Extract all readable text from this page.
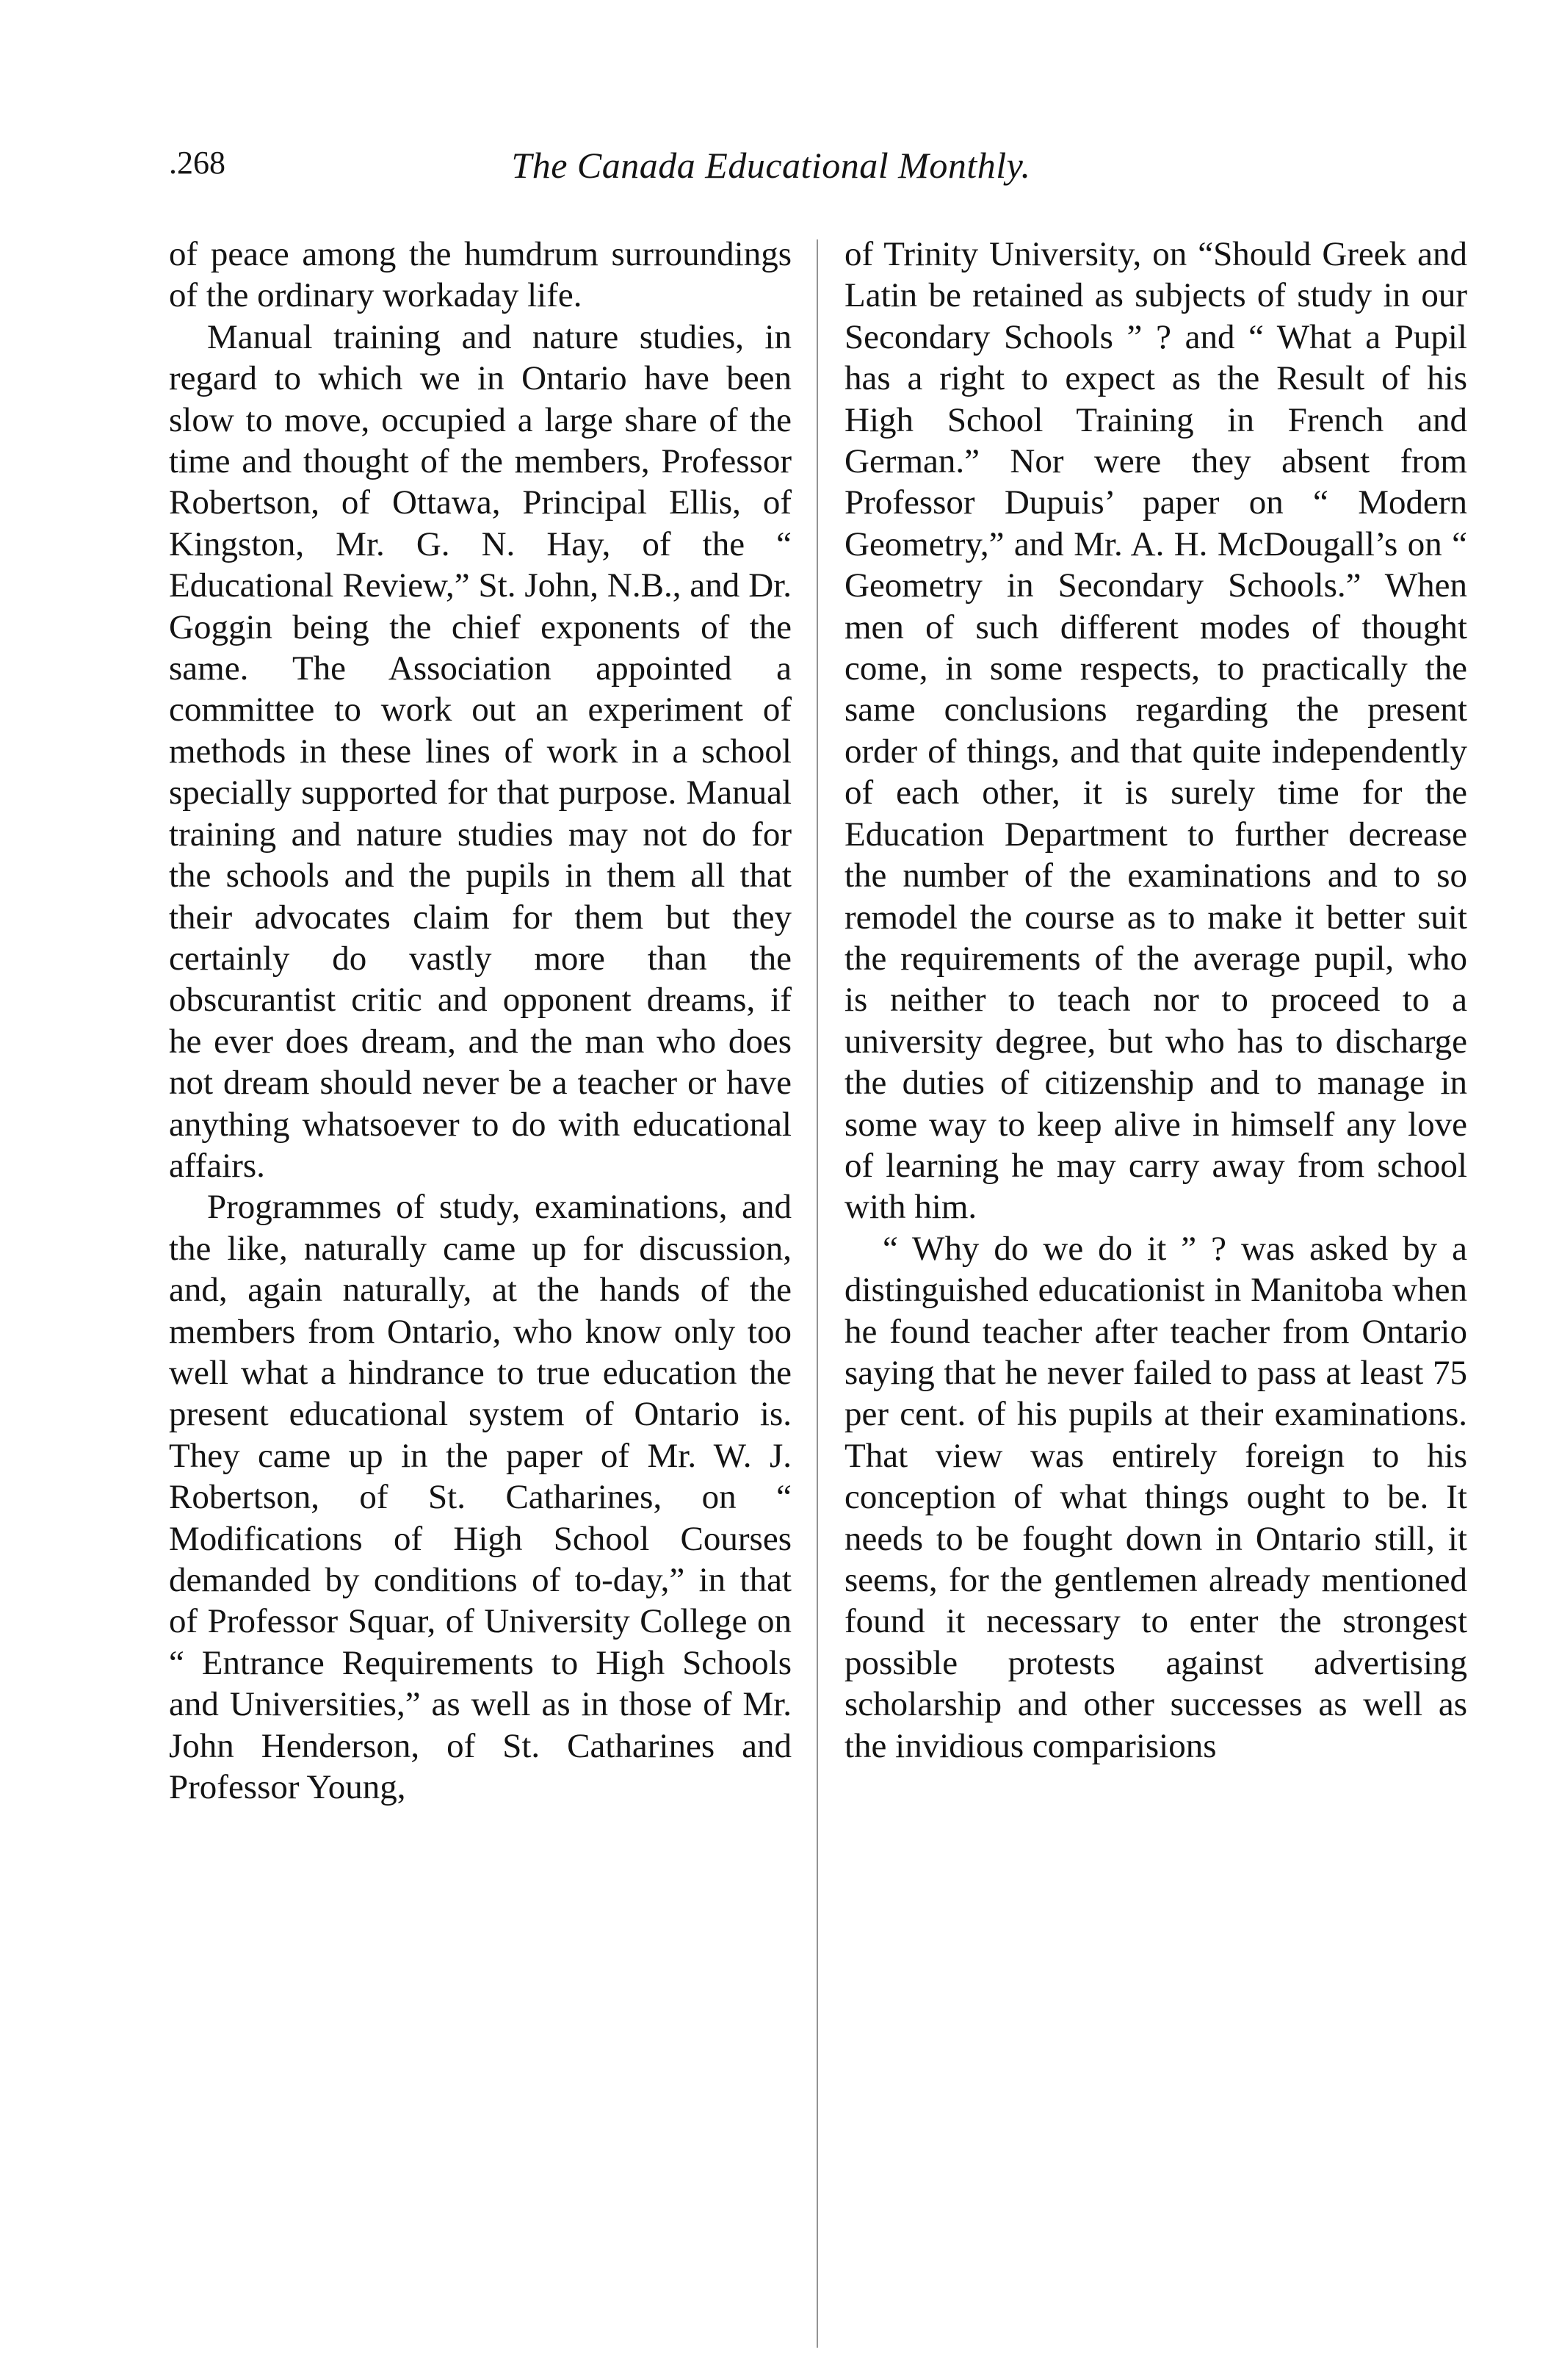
.268	The Canada Educational Monthly.

of peace among the humdrum surroundings of the ordinary workaday life.

Manual training and nature studies, in regard to which we in Ontario have been slow to move, occupied a large share of the time and thought of the members, Professor Robertson, of Ottawa, Principal Ellis, of Kingston, Mr. G. N. Hay, of the “ Educational Review,” St. John, N.B., and Dr. Goggin being the chief exponents of the same. The Association appointed a committee to work out an experiment of methods in these lines of work in a school specially supported for that purpose. Manual training and nature studies may not do for the schools and the pupils in them all that their advocates claim for them but they certainly do vastly more than the obscurantist critic and opponent dreams, if he ever does dream, and the man who does not dream should never be a teacher or have anything whatsoever to do with educational affairs.

Programmes of study, examinations, and the like, naturally came up for discussion, and, again naturally, at the hands of the members from Ontario, who know only too well what a hindrance to true education the present educational system of Ontario is. They came up in the paper of Mr. W. J. Robertson, of St. Catharines, on “ Modifications of High School Courses demanded by conditions of to-day,” in that of Professor Squar, of University College on “ Entrance Requirements to High Schools and Universities,” as well as in those of Mr. John Henderson, of St. Catharines and Professor Young,

of Trinity University, on “Should Greek and Latin be retained as subjects of study in our Secondary Schools ” ? and “ What a Pupil has a right to expect as the Result of his High School Training in French and German.” Nor were they absent from Professor Dupuis’ paper on “ Modern Geometry,” and Mr. A. H. McDougall’s on “ Geometry in Secondary Schools.” When men of such different modes of thought come, in some respects, to practically the same conclusions regarding the present order of things, and that quite independently of each other, it is surely time for the Education Department to further decrease the number of the examinations and to so remodel the course as to make it better suit the requirements of the average pupil, who is neither to teach nor to proceed to a university degree, but who has to discharge the duties of citizenship and to manage in some way to keep alive in himself any love of learning he may carry away from school with him.

“ Why do we do it ” ? was asked by a distinguished educationist in Manitoba when he found teacher after teacher from Ontario saying that he never failed to pass at least 75 per cent. of his pupils at their examinations. That view was entirely foreign to his conception of what things ought to be. It needs to be fought down in Ontario still, it seems, for the gentlemen already mentioned found it necessary to enter the strongest possible protests against advertising scholarship and other successes as well as the invidious comparisions
